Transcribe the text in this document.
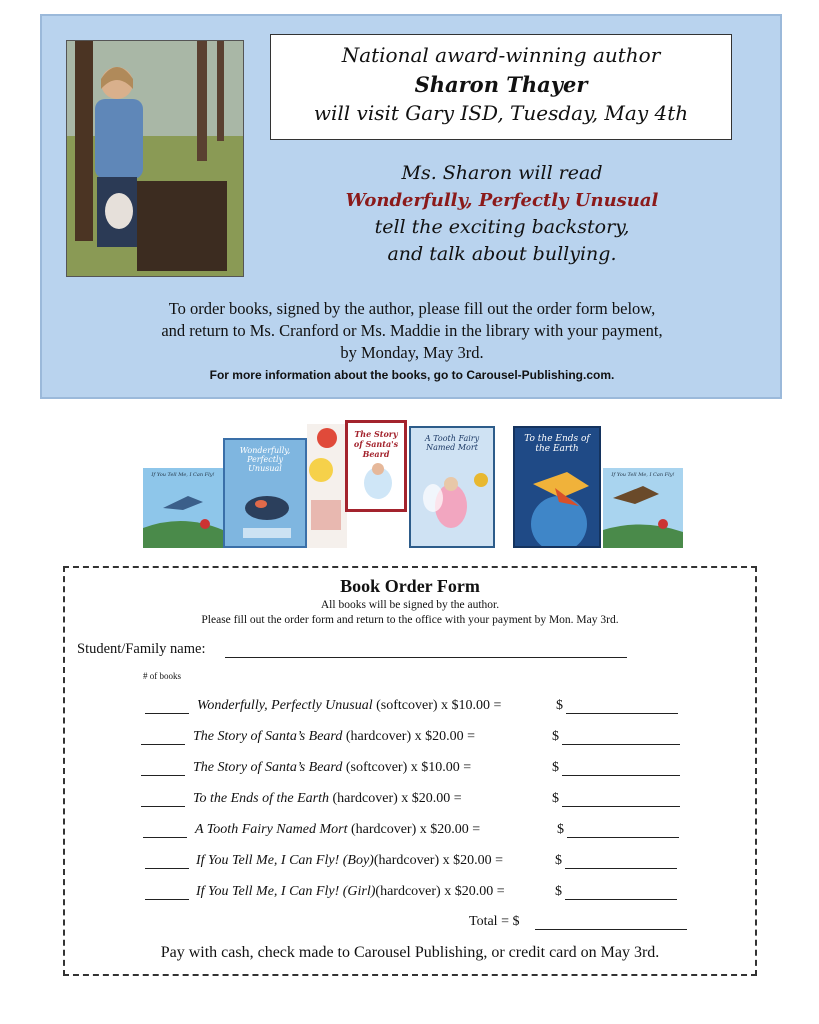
National award-winning author
Sharon Thayer
will visit Gary ISD, Tuesday, May 4th
Ms. Sharon will read
Wonderfully, Perfectly Unusual
tell the exciting backstory,
and talk about bullying.
To order books, signed by the author, please fill out the order form below,
and return to Ms. Cranford or Ms. Maddie in the library with your payment,
by Monday, May 3rd.
For more information about the books, go to Carousel-Publishing.com.
If You Tell Me, I Can Fly!
Wonderfully, Perfectly Unusual
The Story of Santa's Beard
A Tooth Fairy Named Mort
To the Ends of the Earth
If You Tell Me, I Can Fly!
Book Order Form
All books will be signed by the author.
Please fill out the order form and return to the office with your payment by Mon. May 3rd.
Student/Family name:
# of books
Wonderfully, Perfectly Unusual (softcover) x $10.00 =	$
The Story of Santa’s Beard (hardcover) x $20.00 =	$
The Story of Santa’s Beard (softcover) x $10.00 =	$
To the Ends of the Earth (hardcover) x $20.00 =	$
A Tooth Fairy Named Mort (hardcover) x $20.00 =	$
If You Tell Me, I Can Fly! (Boy)(hardcover) x $20.00 =	$
If You Tell Me, I Can Fly! (Girl)(hardcover) x $20.00 =	$
Total = $
Pay with cash, check made to Carousel Publishing, or credit card on May 3rd.
